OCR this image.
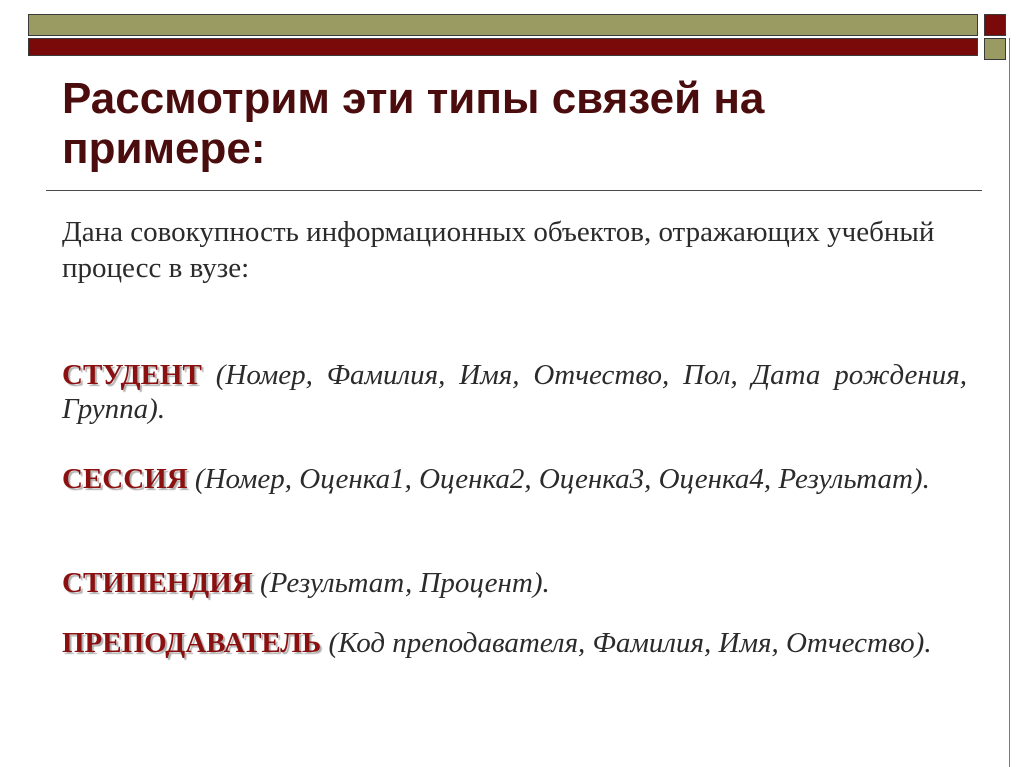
Рассмотрим эти типы связей на примере:

Дана совокупность информационных объектов, отражающих учебный процесс в вузе:

СТУДЕНТ (Номер, Фамилия, Имя, Отчество, Пол, Дата рождения, Группа).

СЕССИЯ (Номер, Оценка1, Оценка2, Оценка3, Оценка4, Результат).

СТИПЕНДИЯ (Результат, Процент).

ПРЕПОДАВАТЕЛЬ (Код преподавателя, Фамилия, Имя, Отчество).
